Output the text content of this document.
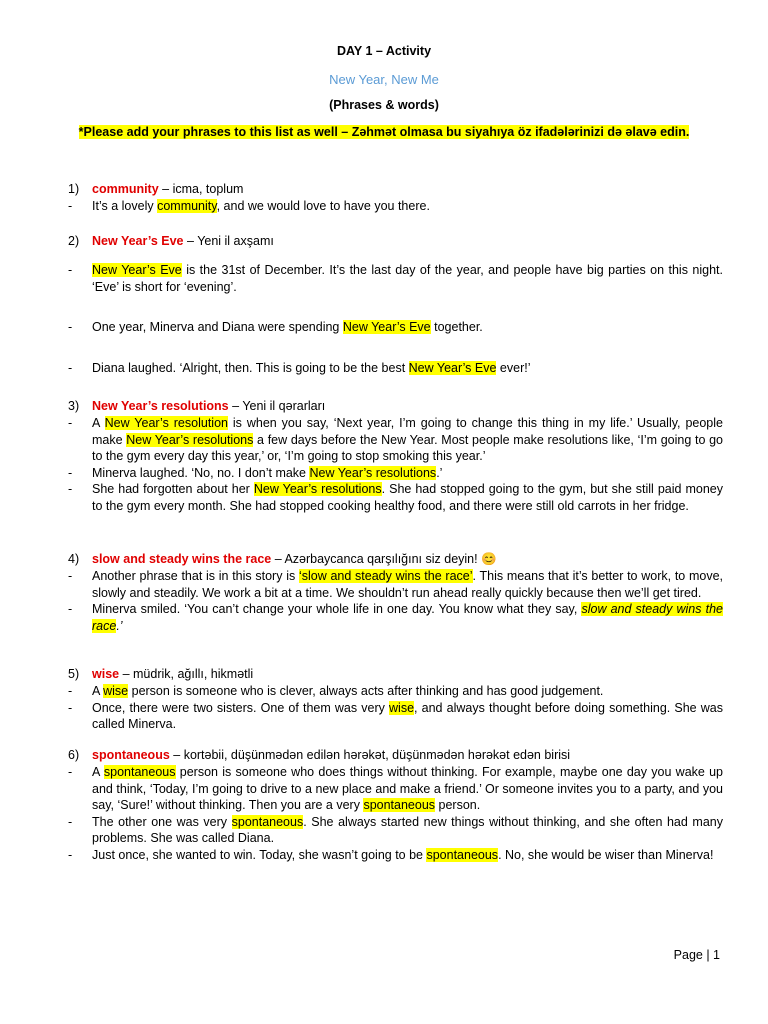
DAY 1 – Activity
New Year, New Me
(Phrases & words)
*Please add your phrases to this list as well – Zəhmət olmasa bu siyahıya öz ifadələrinizi də əlavə edin.
1) community – icma, toplum
- It’s a lovely community, and we would love to have you there.
2) New Year’s Eve – Yeni il axşamı
- New Year’s Eve is the 31st of December. It’s the last day of the year, and people have big parties on this night. ‘Eve’ is short for ‘evening’.
- One year, Minerva and Diana were spending New Year’s Eve together.
- Diana laughed. ‘Alright, then. This is going to be the best New Year’s Eve ever!’
3) New Year’s resolutions – Yeni il qərarları
- A New Year’s resolution is when you say, ‘Next year, I’m going to change this thing in my life.’ Usually, people make New Year’s resolutions a few days before the New Year. Most people make resolutions like, ‘I’m going to go to the gym every day this year,’ or, ‘I’m going to stop smoking this year.’
- Minerva laughed. ‘No, no. I don’t make New Year’s resolutions.’
- She had forgotten about her New Year’s resolutions. She had stopped going to the gym, but she still paid money to the gym every month. She had stopped cooking healthy food, and there were still old carrots in her fridge.
4) slow and steady wins the race – Azərbaycanca qarşılığını siz deyin! 😊
- Another phrase that is in this story is ‘slow and steady wins the race’. This means that it’s better to work, to move, slowly and steadily. We work a bit at a time. We shouldn’t run ahead really quickly because then we’ll get tired.
- Minerva smiled. ‘You can’t change your whole life in one day. You know what they say, slow and steady wins the race.’
5) wise – müdrik, ağıllı, hikmətli
- A wise person is someone who is clever, always acts after thinking and has good judgement.
- Once, there were two sisters. One of them was very wise, and always thought before doing something. She was called Minerva.
6) spontaneous – kortəbii, düşünmədən edilən hərəkət, düşünmədən hərəkət edən birisi
- A spontaneous person is someone who does things without thinking. For example, maybe one day you wake up and think, ‘Today, I’m going to drive to a new place and make a friend.’ Or someone invites you to a party, and you say, ‘Sure!’ without thinking. Then you are a very spontaneous person.
- The other one was very spontaneous. She always started new things without thinking, and she often had many problems. She was called Diana.
- Just once, she wanted to win. Today, she wasn’t going to be spontaneous. No, she would be wiser than Minerva!
Page | 1
